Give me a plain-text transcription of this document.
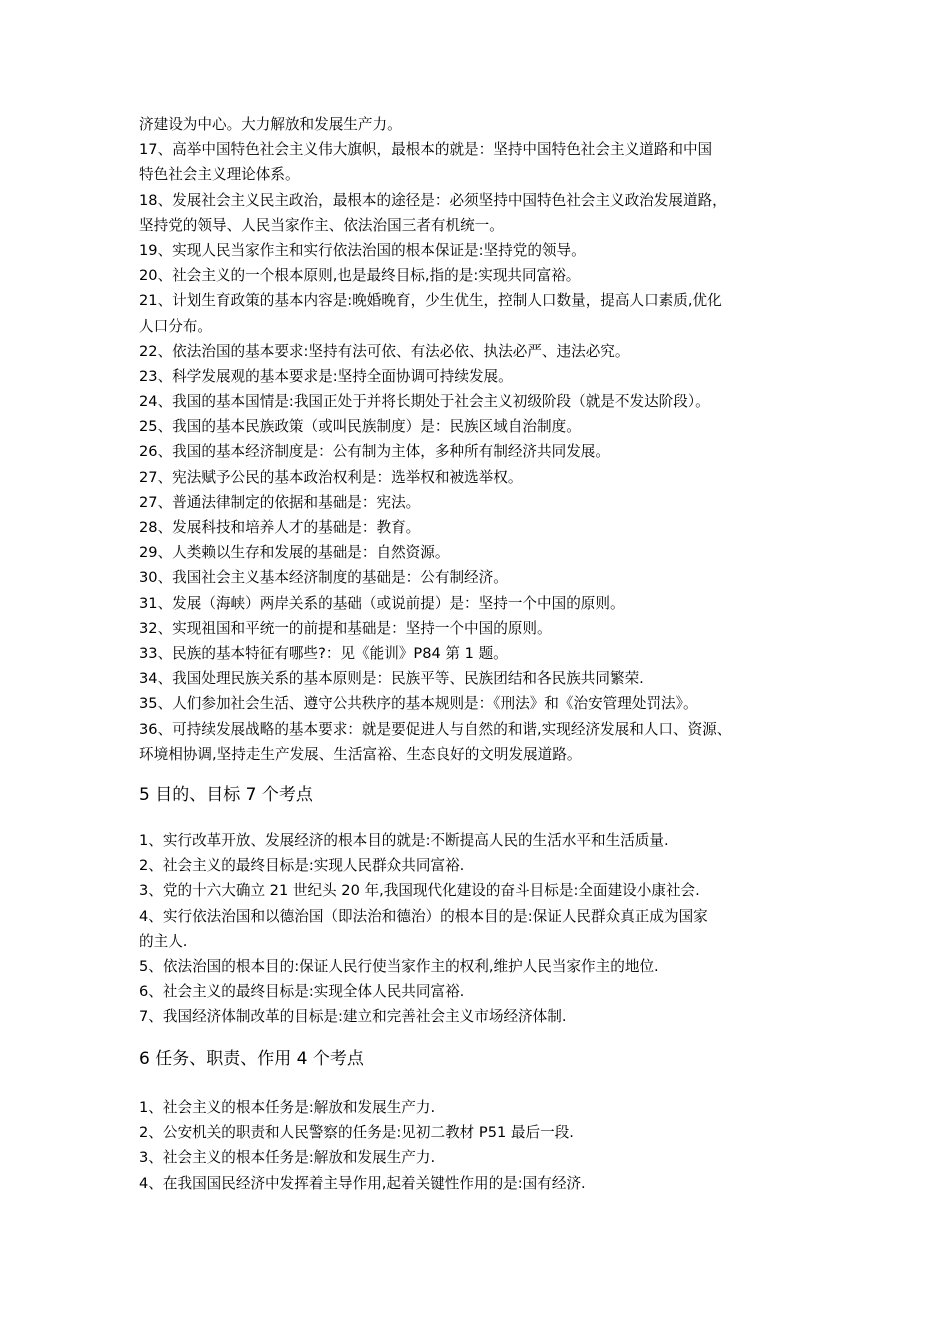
济建设为中心。大力解放和发展生产力。
17、高举中国特色社会主义伟大旗帜，最根本的就是：坚持中国特色社会主义道路和中国
特色社会主义理论体系。
18、发展社会主义民主政治，最根本的途径是：必须坚持中国特色社会主义政治发展道路，
坚持党的领导、人民当家作主、依法治国三者有机统一。
19、实现人民当家作主和实行依法治国的根本保证是:坚持党的领导。
20、社会主义的一个根本原则,也是最终目标,指的是:实现共同富裕。
21、计划生育政策的基本内容是:晚婚晚育，少生优生，控制人口数量，提高人口素质,优化
人口分布。
22、依法治国的基本要求:坚持有法可依、有法必依、执法必严、违法必究。
23、科学发展观的基本要求是:坚持全面协调可持续发展。
24、我国的基本国情是:我国正处于并将长期处于社会主义初级阶段（就是不发达阶段）。
25、我国的基本民族政策（或叫民族制度）是：民族区域自治制度。
26、我国的基本经济制度是：公有制为主体，多种所有制经济共同发展。
27、宪法赋予公民的基本政治权利是：选举权和被选举权。
27、普通法律制定的依据和基础是：宪法。
28、发展科技和培养人才的基础是：教育。
29、人类赖以生存和发展的基础是：自然资源。
30、我国社会主义基本经济制度的基础是：公有制经济。
31、发展（海峡）两岸关系的基础（或说前提）是：坚持一个中国的原则。
32、实现祖国和平统一的前提和基础是：坚持一个中国的原则。
33、民族的基本特征有哪些?：见《能训》P84 第 1 题。
34、我国处理民族关系的基本原则是：民族平等、民族团结和各民族共同繁荣.
35、人们参加社会生活、遵守公共秩序的基本规则是：《刑法》和《治安管理处罚法》。
36、可持续发展战略的基本要求：就是要促进人与自然的和谐,实现经济发展和人口、资源、
环境相协调,坚持走生产发展、生活富裕、生态良好的文明发展道路。
5 目的、目标 7 个考点
1、实行改革开放、发展经济的根本目的就是:不断提高人民的生活水平和生活质量.
2、社会主义的最终目标是:实现人民群众共同富裕.
3、党的十六大确立 21 世纪头 20 年,我国现代化建设的奋斗目标是:全面建设小康社会.
4、实行依法治国和以德治国（即法治和德治）的根本目的是:保证人民群众真正成为国家
的主人.
5、依法治国的根本目的:保证人民行使当家作主的权利,维护人民当家作主的地位.
6、社会主义的最终目标是:实现全体人民共同富裕.
7、我国经济体制改革的目标是:建立和完善社会主义市场经济体制.
6 任务、职责、作用 4 个考点
1、社会主义的根本任务是:解放和发展生产力.
2、公安机关的职责和人民警察的任务是:见初二教材 P51 最后一段.
3、社会主义的根本任务是:解放和发展生产力.
4、在我国国民经济中发挥着主导作用,起着关键性作用的是:国有经济.
